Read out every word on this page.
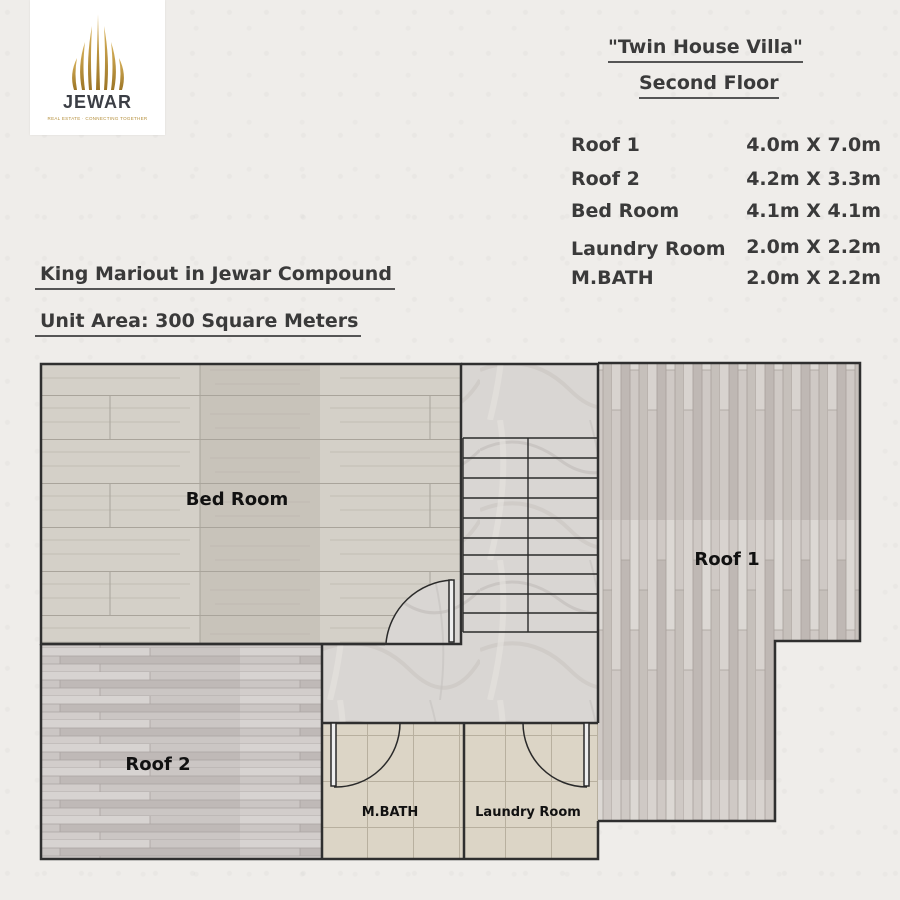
JEWAR
REAL ESTATE · CONNECTING TOGETHER
"Twin House Villa"
Second Floor
Roof 1	4.0m X 7.0m
Roof 2	4.2m X 3.3m
Bed Room	4.1m X 4.1m
Laundry Room 2.0m X 2.2m
M.BATH	2.0m X 2.2m
King Mariout in Jewar Compound
Unit Area: 300 Square Meters
Bed Room
Roof 1
Roof 2
M.BATH	Laundry Room
